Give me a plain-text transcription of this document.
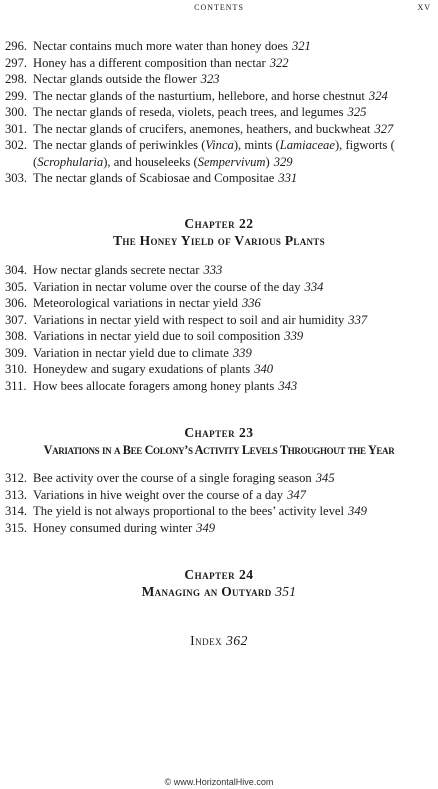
contents	xv
296. Nectar contains much more water than honey does 321
297. Honey has a different composition than nectar 322
298. Nectar glands outside the flower 323
299. The nectar glands of the nasturtium, hellebore, and horse chestnut 324
300. The nectar glands of reseda, violets, peach trees, and legumes 325
301. The nectar glands of crucifers, anemones, heathers, and buckwheat 327
302. The nectar glands of periwinkles (Vinca), mints (Lamiaceae), figworts (
(Scrophularia), and houseleeks (Sempervivum) 329
303. The nectar glands of Scabiosae and Compositae 331
Chapter 22
The Honey Yield of Various Plants
304. How nectar glands secrete nectar 333
305. Variation in nectar volume over the course of the day 334
306. Meteorological variations in nectar yield 336
307. Variations in nectar yield with respect to soil and air humidity 337
308. Variations in nectar yield due to soil composition 339
309. Variation in nectar yield due to climate 339
310. Honeydew and sugary exudations of plants 340
311. How bees allocate foragers among honey plants 343
Chapter 23
Variations in a Bee Colony’s Activity Levels Throughout the Year
312. Bee activity over the course of a single foraging season 345
313. Variations in hive weight over the course of a day 347
314. The yield is not always proportional to the bees’ activity level 349
315. Honey consumed during winter 349
Chapter 24
Managing an Outyard 351
Index 362
© www.HorizontalHive.com
